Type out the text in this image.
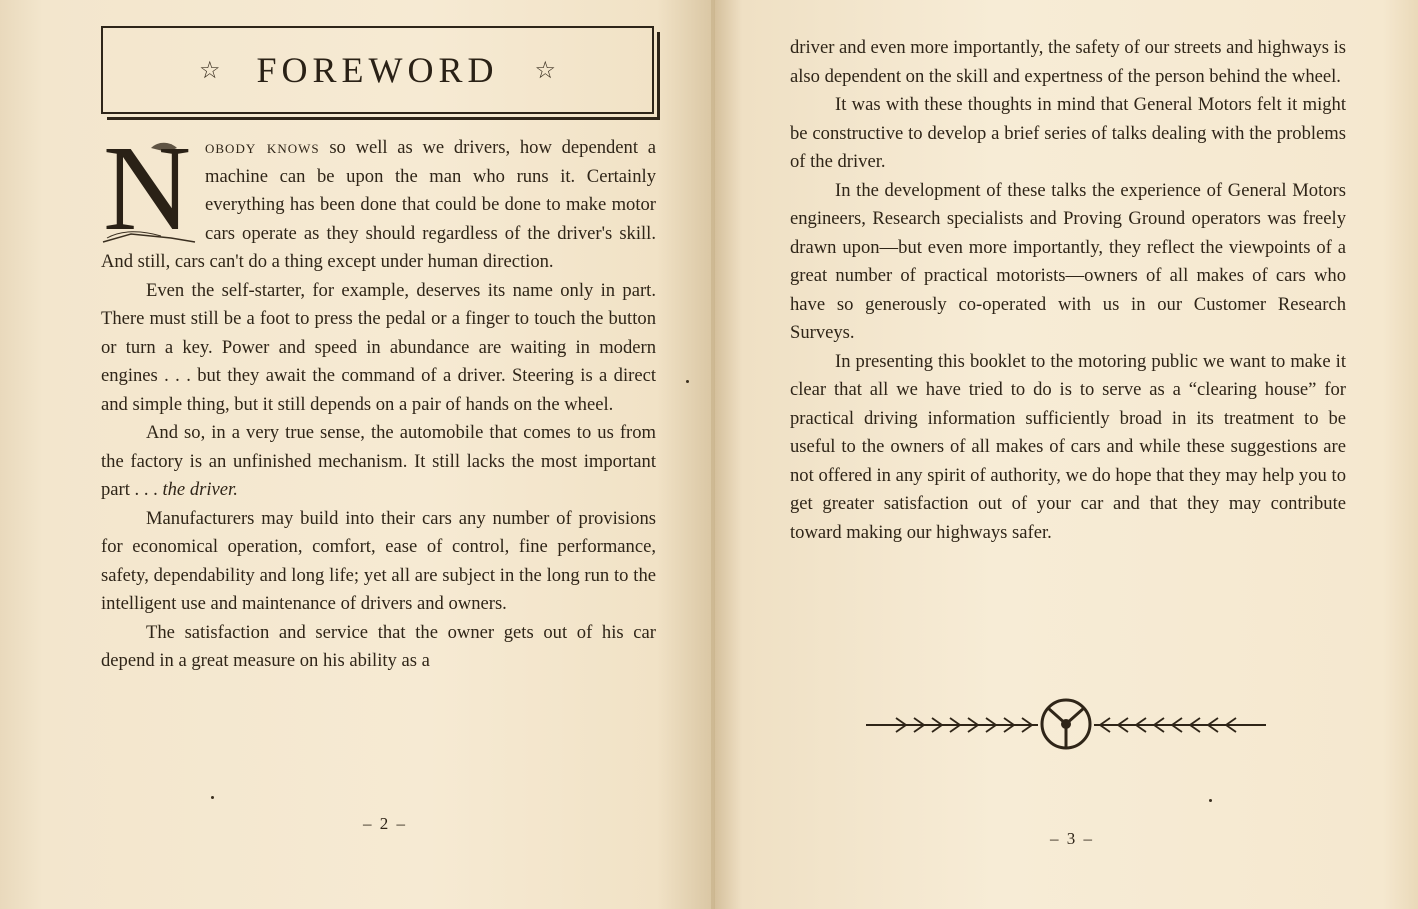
☆ FOREWORD ☆

N obody knows so well as we drivers, how dependent a machine can be upon the man who runs it. Certainly everything has been done that could be done to make motor cars operate as they should regardless of the driver's skill. And still, cars can't do a thing except under human direction.

Even the self-starter, for example, deserves its name only in part. There must still be a foot to press the pedal or a finger to touch the button or turn a key. Power and speed in abundance are waiting in modern engines . . . but they await the command of a driver. Steering is a direct and simple thing, but it still depends on a pair of hands on the wheel.

And so, in a very true sense, the automobile that comes to us from the factory is an unfinished mechanism. It still lacks the most important part . . . the driver.

Manufacturers may build into their cars any number of provisions for economical operation, comfort, ease of control, fine performance, safety, dependability and long life; yet all are subject in the long run to the intelligent use and maintenance of drivers and owners.

The satisfaction and service that the owner gets out of his car depend in a great measure on his ability as a

– 2 –

driver and even more importantly, the safety of our streets and highways is also dependent on the skill and expertness of the person behind the wheel.

It was with these thoughts in mind that General Motors felt it might be constructive to develop a brief series of talks dealing with the problems of the driver.

In the development of these talks the experience of General Motors engineers, Research specialists and Proving Ground operators was freely drawn upon—but even more importantly, they reflect the viewpoints of a great number of practical motorists—owners of all makes of cars who have so generously co-operated with us in our Customer Research Surveys.

In presenting this booklet to the motoring public we want to make it clear that all we have tried to do is to serve as a “clearing house” for practical driving information sufficiently broad in its treatment to be useful to the owners of all makes of cars and while these suggestions are not offered in any spirit of authority, we do hope that they may help you to get greater satisfaction out of your car and that they may contribute toward making our highways safer.

– 3 –
